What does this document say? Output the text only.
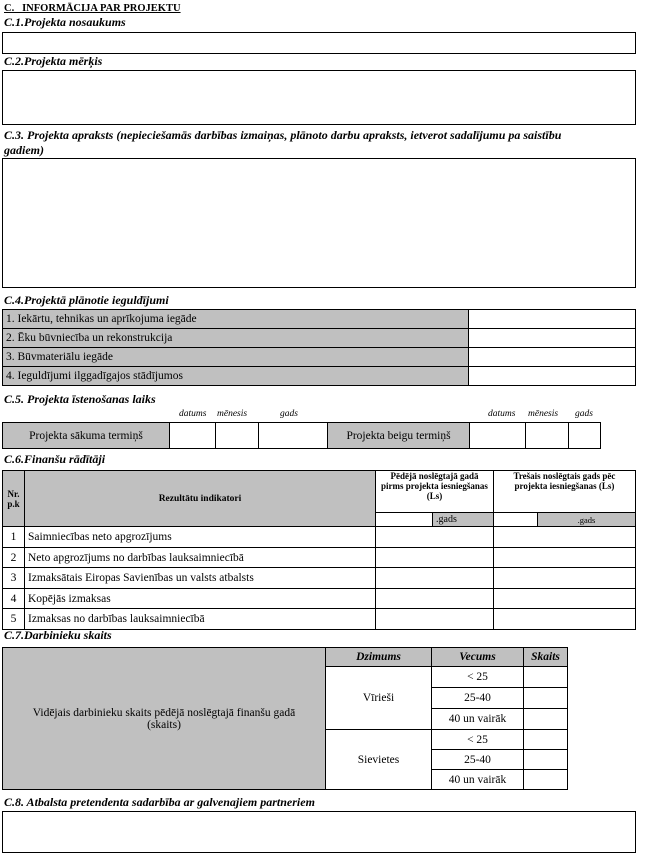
C.   INFORMĀCIJA PAR PROJEKTU
C.1.Projekta nosaukums
C.2.Projekta mērķis
C.3. Projekta apraksts (nepieciešamās darbības izmaiņas, plānoto darbu apraksts, ietverot sadalījumu pa saistību
gadiem)
C.4.Projektā plānotie ieguldījumi
1. Iekārtu, tehnikas un aprīkojuma iegāde	
2. Ēku būvniecība un rekonstrukcija	
3. Būvmateriālu iegāde	
4. Ieguldījumi ilggadīgajos stādījumos	
C.5. Projekta īstenošanas laiks
datums mēnesis	gads	datums mēnesis gads
Projekta sākuma termiņš				Projekta beigu termiņš			
C.6.Finanšu rādītāji
Nr. p.k	Rezultātu indikatori	Pēdējā noslēgtajā gadā pirms projekta iesniegšanas (Ls)		Trešais noslēgtais gads pēc projekta iesniegšanas (Ls)	
			.gads		.gads
1	Saimniecības neto apgrozījums				
2	Neto apgrozījums no darbības lauksaimniecībā				
3	Izmaksātais Eiropas Savienības un valsts atbalsts				
4	Kopējās izmaksas				
5	Izmaksas no darbības lauksaimniecībā				
C.7.Darbinieku skaits
Vidējais darbinieku skaits pēdējā noslēgtajā finanšu gadā (skaits)	Dzimums	Vecums	Skaits
	Vīrieši	< 25	
		25-40	
		40 un vairāk	
	Sievietes	< 25	
		25-40	
		40 un vairāk	
C.8. Atbalsta pretendenta sadarbība ar galvenajiem partneriem
